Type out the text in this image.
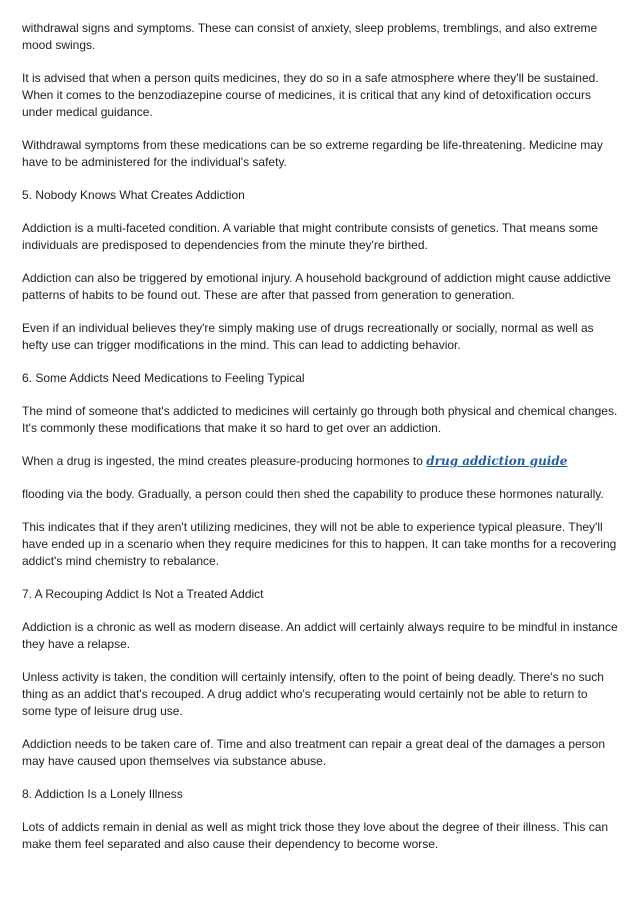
withdrawal signs and symptoms. These can consist of anxiety, sleep problems, tremblings, and also extreme mood swings.

It is advised that when a person quits medicines, they do so in a safe atmosphere where they'll be sustained. When it comes to the benzodiazepine course of medicines, it is critical that any kind of detoxification occurs under medical guidance.

Withdrawal symptoms from these medications can be so extreme regarding be life-threatening. Medicine may have to be administered for the individual's safety.

5. Nobody Knows What Creates Addiction

Addiction is a multi-faceted condition. A variable that might contribute consists of genetics. That means some individuals are predisposed to dependencies from the minute they're birthed.

Addiction can also be triggered by emotional injury. A household background of addiction might cause addictive patterns of habits to be found out. These are after that passed from generation to generation.

Even if an individual believes they're simply making use of drugs recreationally or socially, normal as well as hefty use can trigger modifications in the mind. This can lead to addicting behavior.

6. Some Addicts Need Medications to Feeling Typical

The mind of someone that's addicted to medicines will certainly go through both physical and chemical changes. It's commonly these modifications that make it so hard to get over an addiction.

When a drug is ingested, the mind creates pleasure-producing hormones to drug addiction guide

flooding via the body. Gradually, a person could then shed the capability to produce these hormones naturally.

This indicates that if they aren't utilizing medicines, they will not be able to experience typical pleasure. They'll have ended up in a scenario when they require medicines for this to happen. It can take months for a recovering addict's mind chemistry to rebalance.

7. A Recouping Addict Is Not a Treated Addict

Addiction is a chronic as well as modern disease. An addict will certainly always require to be mindful in instance they have a relapse.

Unless activity is taken, the condition will certainly intensify, often to the point of being deadly. There's no such thing as an addict that's recouped. A drug addict who's recuperating would certainly not be able to return to some type of leisure drug use.

Addiction needs to be taken care of. Time and also treatment can repair a great deal of the damages a person may have caused upon themselves via substance abuse.

8. Addiction Is a Lonely Illness

Lots of addicts remain in denial as well as might trick those they love about the degree of their illness. This can make them feel separated and also cause their dependency to become worse.
